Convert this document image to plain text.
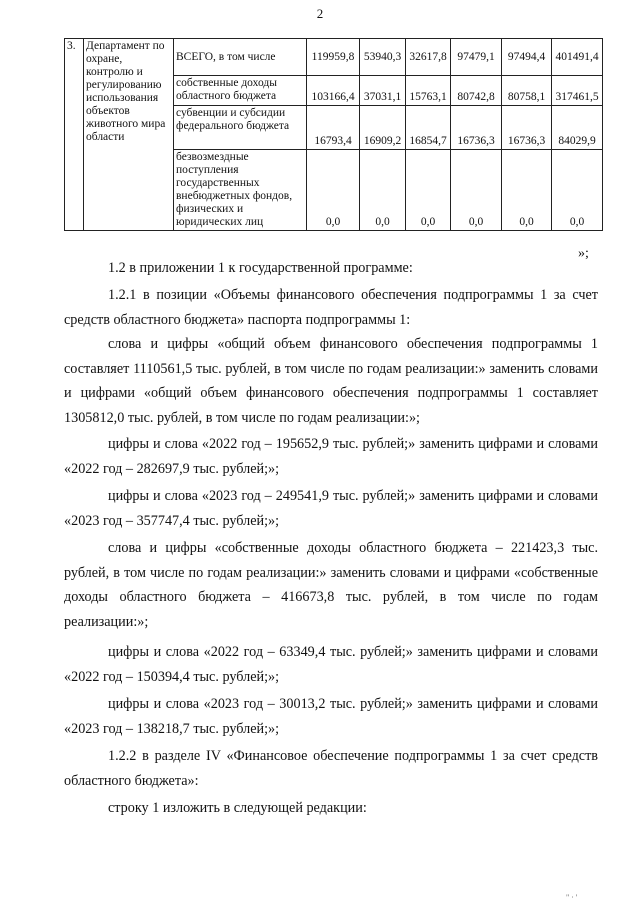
2
3.	Департамент по охране, контролю и регулированию использования объектов животного мира области	ВСЕГО, в том числе	119959,8	53940,3	32617,8	97479,1	97494,4	401491,4
		собственные доходы областного бюджета	103166,4	37031,1	15763,1	80742,8	80758,1	317461,5
		субвенции и субсидии федерального бюджета	16793,4	16909,2	16854,7	16736,3	16736,3	84029,9
		безвозмездные поступления государственных внебюджетных фондов, физических и юридических лиц	0,0	0,0	0,0	0,0	0,0	0,0
»;

1.2 в приложении 1 к государственной программе:

1.2.1 в позиции «Объемы финансового обеспечения подпрограммы 1 за счет средств областного бюджета» паспорта подпрограммы 1:

слова и цифры «общий объем финансового обеспечения подпрограммы 1 составляет 1110561,5 тыс. рублей, в том числе по годам реализации:» заменить словами и цифрами «общий объем финансового обеспечения подпрограммы 1 составляет 1305812,0 тыс. рублей, в том числе по годам реализации:»;

цифры и слова «2022 год – 195652,9 тыс. рублей;» заменить цифрами и словами «2022 год – 282697,9 тыс. рублей;»;

цифры и слова «2023 год – 249541,9 тыс. рублей;» заменить цифрами и словами «2023 год – 357747,4 тыс. рублей;»;

слова и цифры «собственные доходы областного бюджета – 221423,3 тыс. рублей, в том числе по годам реализации:» заменить словами и цифрами «собственные доходы областного бюджета – 416673,8 тыс. рублей, в том числе по годам реализации:»;

цифры и слова «2022 год – 63349,4 тыс. рублей;» заменить цифрами и словами «2022 год – 150394,4 тыс. рублей;»;

цифры и слова «2023 год – 30013,2 тыс. рублей;» заменить цифрами и словами «2023 год – 138218,7 тыс. рублей;»;

1.2.2 в разделе IV «Финансовое обеспечение подпрограммы 1 за счет средств областного бюджета»:

строку 1 изложить в следующей редакции:

" · '
